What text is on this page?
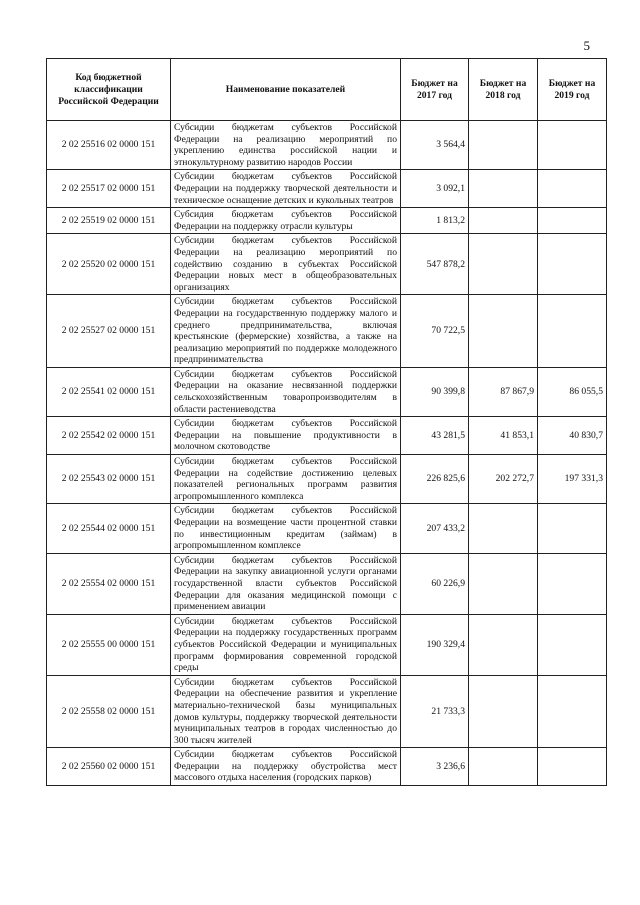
5
Код бюджетной классификации Российской Федерации	Наименование показателей	Бюджет на 2017 год	Бюджет на 2018 год	Бюджет на 2019 год
2 02 25516 02 0000 151	Субсидии бюджетам субъектов Российской Федерации на реализацию мероприятий по укреплению единства российской нации и этнокультурному развитию народов России	3 564,4		
2 02 25517 02 0000 151	Субсидии бюджетам субъектов Российской Федерации на поддержку творческой деятельности и техническое оснащение детских и кукольных театров	3 092,1		
2 02 25519 02 0000 151	Субсидия бюджетам субъектов Российской Федерации на поддержку отрасли культуры	1 813,2		
2 02 25520 02 0000 151	Субсидии бюджетам субъектов Российской Федерации на реализацию мероприятий по содействию созданию в субъектах Российской Федерации новых мест в общеобразовательных организациях	547 878,2		
2 02 25527 02 0000 151	Субсидии бюджетам субъектов Российской Федерации на государственную поддержку малого и среднего предпринимательства, включая крестьянские (фермерские) хозяйства, а также на реализацию мероприятий по поддержке молодежного предпринимательства	70 722,5		
2 02 25541 02 0000 151	Субсидии бюджетам субъектов Российской Федерации на оказание несвязанной поддержки сельскохозяйственным товаропроизводителям в области растениеводства	90 399,8	87 867,9	86 055,5
2 02 25542 02 0000 151	Субсидии бюджетам субъектов Российской Федерации на повышение продуктивности в молочном скотоводстве	43 281,5	41 853,1	40 830,7
2 02 25543 02 0000 151	Субсидии бюджетам субъектов Российской Федерации на содействие достижению целевых показателей региональных программ развития агропромышленного комплекса	226 825,6	202 272,7	197 331,3
2 02 25544 02 0000 151	Субсидии бюджетам субъектов Российской Федерации на возмещение части процентной ставки по инвестиционным кредитам (займам) в агропромышленном комплексе	207 433,2		
2 02 25554 02 0000 151	Субсидии бюджетам субъектов Российской Федерации на закупку авиационной услуги органами государственной власти субъектов Российской Федерации для оказания медицинской помощи с применением авиации	60 226,9		
2 02 25555 00 0000 151	Субсидии бюджетам субъектов Российской Федерации на поддержку государственных программ субъектов Российской Федерации и муниципальных программ формирования современной городской среды	190 329,4		
2 02 25558 02 0000 151	Субсидии бюджетам субъектов Российской Федерации на обеспечение развития и укрепление материально-технической базы муниципальных домов культуры, поддержку творческой деятельности муниципальных театров в городах численностью до 300 тысяч жителей	21 733,3		
2 02 25560 02 0000 151	Субсидии бюджетам субъектов Российской Федерации на поддержку обустройства мест массового отдыха населения (городских парков)	3 236,6		
